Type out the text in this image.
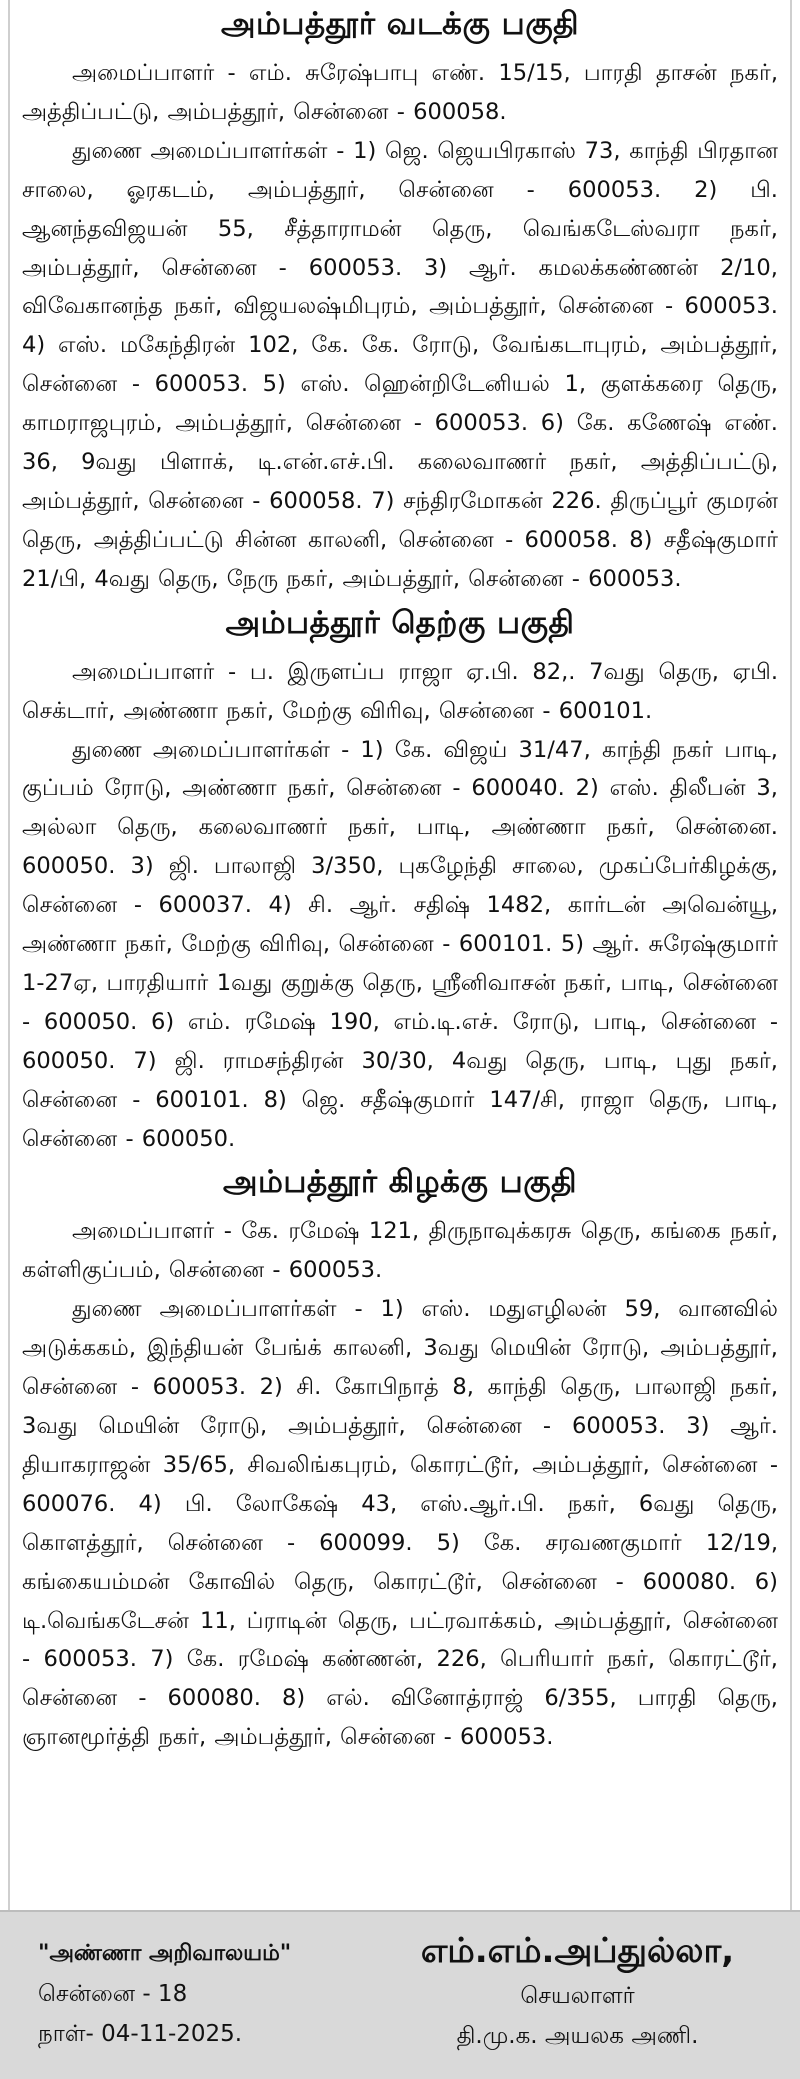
அம்பத்தூர் வடக்கு பகுதி

அமைப்பாளர் - எம். சுரேஷ்பாபு எண். 15/15, பாரதி தாசன் நகர், அத்திப்பட்டு, அம்பத்தூர், சென்னை - 600058.

துணை அமைப்பாளர்கள் - 1) ஜெ. ஜெயபிரகாஸ் 73, காந்தி பிரதான சாலை, ஓரகடம், அம்பத்தூர், சென்னை - 600053. 2) பி. ஆனந்தவிஜயன் 55, சீத்தாராமன் தெரு, வெங்கடேஸ்வரா நகர், அம்பத்தூர், சென்னை - 600053. 3) ஆர். கமலக்கண்ணன் 2/10, விவேகானந்த நகர், விஜயலஷ்மிபுரம், அம்பத்தூர், சென்னை - 600053. 4) எஸ். மகேந்திரன் 102, கே. கே. ரோடு, வேங்கடாபுரம், அம்பத்தூர், சென்னை - 600053. 5) எஸ். ஹென்றிடேனியல் 1, குளக்கரை தெரு, காமராஜபுரம், அம்பத்தூர், சென்னை - 600053. 6) கே. கணேஷ் எண். 36, 9வது பிளாக், டி.என்.எச்.பி. கலைவாணர் நகர், அத்திப்பட்டு, அம்பத்தூர், சென்னை - 600058. 7) சந்திரமோகன் 226. திருப்பூர் குமரன் தெரு, அத்திப்பட்டு சின்ன காலனி, சென்னை - 600058. 8) சதீஷ்குமார் 21/பி, 4வது தெரு, நேரு நகர், அம்பத்தூர், சென்னை - 600053.

அம்பத்தூர் தெற்கு பகுதி

அமைப்பாளர் - ப. இருளப்ப ராஜா ஏ.பி. 82,. 7வது தெரு, ஏபி. செக்டார், அண்ணா நகர், மேற்கு விரிவு, சென்னை - 600101.

துணை அமைப்பாளர்கள் - 1) கே. விஜய் 31/47, காந்தி நகர் பாடி, குப்பம் ரோடு, அண்ணா நகர், சென்னை - 600040. 2) எஸ். திலீபன் 3, அல்லா தெரு, கலைவாணர் நகர், பாடி, அண்ணா நகர், சென்னை. 600050. 3) ஜி. பாலாஜி 3/350, புகழேந்தி சாலை, முகப்பேர்கிழக்கு, சென்னை - 600037. 4) சி. ஆர். சதிஷ் 1482, கார்டன் அவென்யூ, அண்ணா நகர், மேற்கு விரிவு, சென்னை - 600101. 5) ஆர். சுரேஷ்குமார் 1-27ஏ, பாரதியார் 1வது குறுக்கு தெரு, ஸ்ரீனிவாசன் நகர், பாடி, சென்னை - 600050. 6) எம். ரமேஷ் 190, எம்.டி.எச். ரோடு, பாடி, சென்னை - 600050. 7) ஜி. ராமசந்திரன் 30/30, 4வது தெரு, பாடி, புது நகர், சென்னை - 600101. 8) ஜெ. சதீஷ்குமார் 147/சி, ராஜா தெரு, பாடி, சென்னை - 600050.

அம்பத்தூர் கிழக்கு பகுதி

அமைப்பாளர் - கே. ரமேஷ் 121, திருநாவுக்கரசு தெரு, கங்கை நகர், கள்ளிகுப்பம், சென்னை - 600053.

துணை அமைப்பாளர்கள் - 1) எஸ். மதுஎழிலன் 59, வானவில் அடுக்ககம், இந்தியன் பேங்க் காலனி, 3வது மெயின் ரோடு, அம்பத்தூர், சென்னை - 600053. 2) சி. கோபிநாத் 8, காந்தி தெரு, பாலாஜி நகர், 3வது மெயின் ரோடு, அம்பத்தூர், சென்னை - 600053. 3) ஆர். தியாகராஜன் 35/65, சிவலிங்கபுரம், கொரட்டூர், அம்பத்தூர், சென்னை - 600076. 4) பி. லோகேஷ் 43, எஸ்.ஆர்.பி. நகர், 6வது தெரு, கொளத்தூர், சென்னை - 600099. 5) கே. சரவணகுமார் 12/19, கங்கையம்மன் கோவில் தெரு, கொரட்டூர், சென்னை - 600080. 6) டி.வெங்கடேசன் 11, ப்ராடின் தெரு, பட்ரவாக்கம், அம்பத்தூர், சென்னை - 600053. 7) கே. ரமேஷ் கண்ணன், 226, பெரியார் நகர், கொரட்டூர், சென்னை - 600080. 8) எல். வினோத்ராஜ் 6/355, பாரதி தெரு, ஞானமூர்த்தி நகர், அம்பத்தூர், சென்னை - 600053.

"அண்ணா அறிவாலயம்"
சென்னை - 18
நாள்- 04-11-2025.
எம்.எம்.அப்துல்லா,
செயலாளர்
தி.மு.க. அயலக அணி.
